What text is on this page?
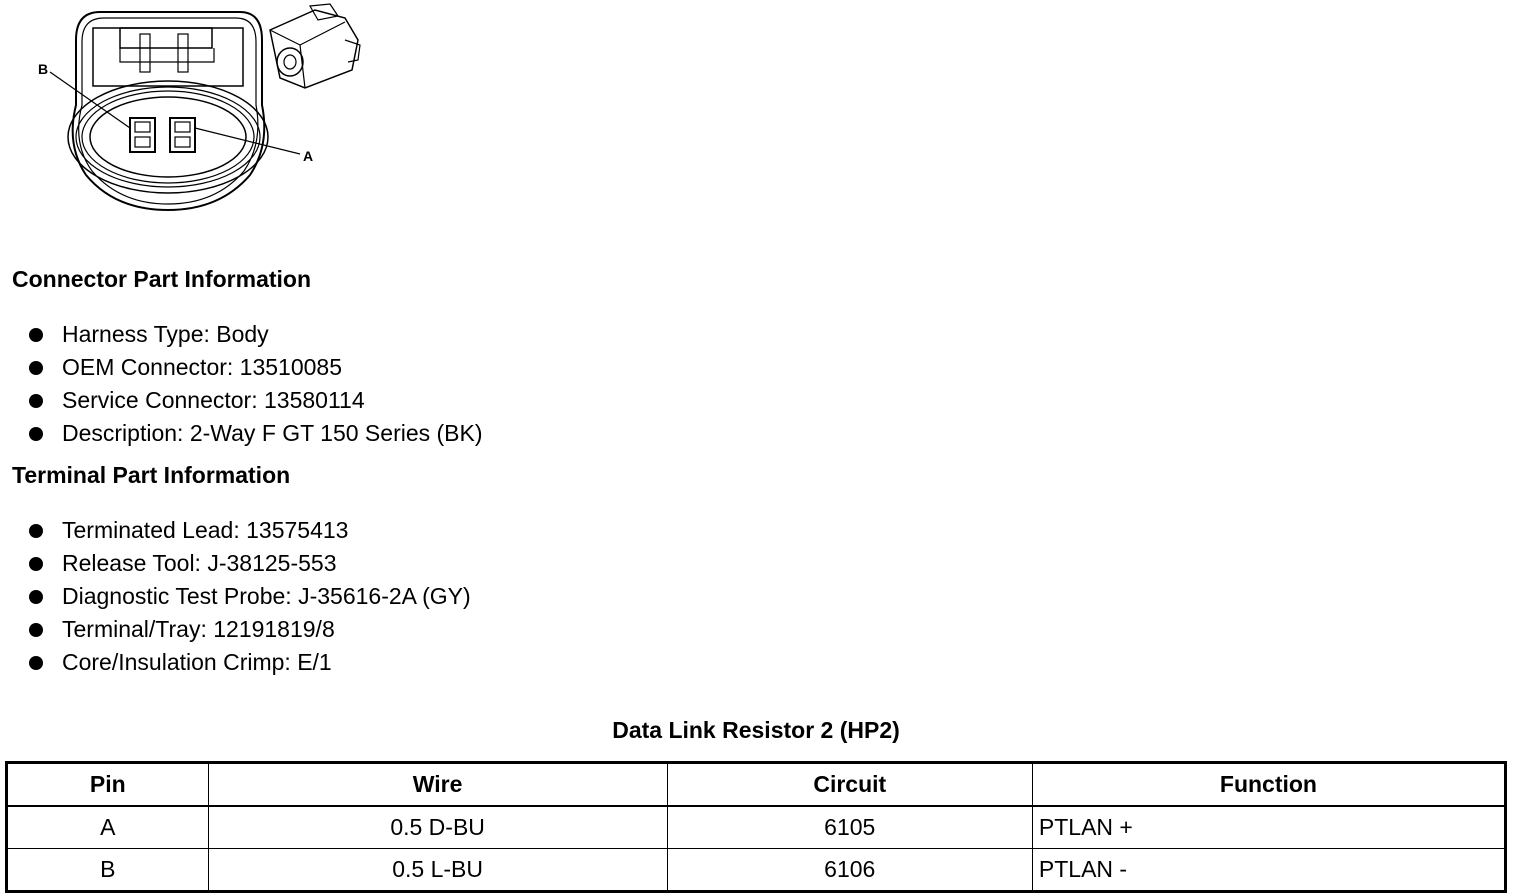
B
A
Connector Part Information
Harness Type: Body
OEM Connector: 13510085
Service Connector: 13580114
Description: 2-Way F GT 150 Series (BK)
Terminal Part Information
Terminated Lead: 13575413
Release Tool: J-38125-553
Diagnostic Test Probe: J-35616-2A (GY)
Terminal/Tray: 12191819/8
Core/Insulation Crimp: E/1
Data Link Resistor 2 (HP2)
Pin	Wire	Circuit	Function
A	0.5 D-BU	6105	PTLAN +
B	0.5 L-BU	6106	PTLAN -
